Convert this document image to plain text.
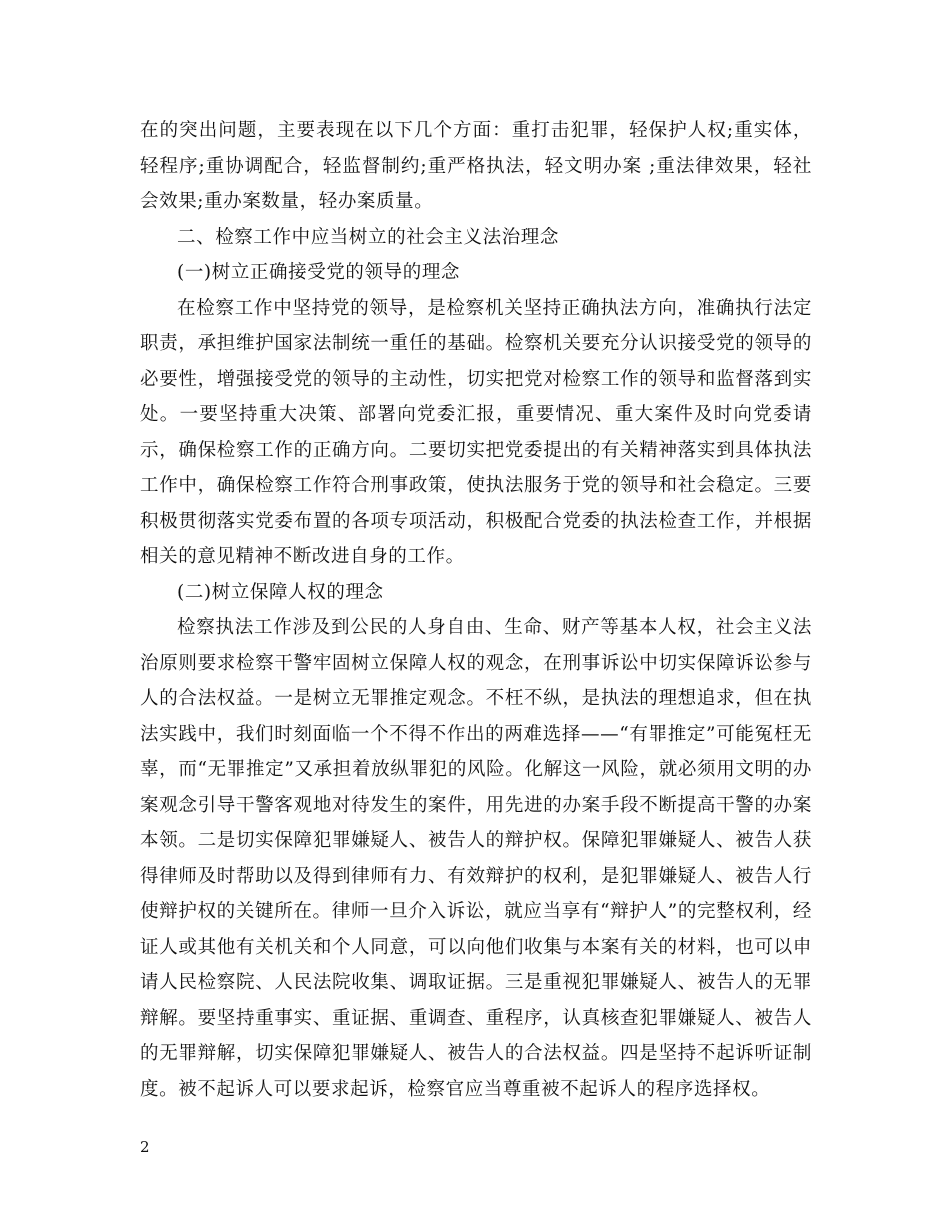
在的突出问题，主要表现在以下几个方面：重打击犯罪，轻保护人权;重实体，轻程序;重协调配合，轻监督制约;重严格执法，轻文明办案 ;重法律效果，轻社会效果;重办案数量，轻办案质量。

二、检察工作中应当树立的社会主义法治理念

(一)树立正确接受党的领导的理念

在检察工作中坚持党的领导，是检察机关坚持正确执法方向，准确执行法定职责，承担维护国家法制统一重任的基础。检察机关要充分认识接受党的领导的必要性，增强接受党的领导的主动性，切实把党对检察工作的领导和监督落到实处。一要坚持重大决策、部署向党委汇报，重要情况、重大案件及时向党委请示，确保检察工作的正确方向。二要切实把党委提出的有关精神落实到具体执法工作中，确保检察工作符合刑事政策，使执法服务于党的领导和社会稳定。三要积极贯彻落实党委布置的各项专项活动，积极配合党委的执法检查工作，并根据相关的意见精神不断改进自身的工作。

(二)树立保障人权的理念

检察执法工作涉及到公民的人身自由、生命、财产等基本人权，社会主义法治原则要求检察干警牢固树立保障人权的观念，在刑事诉讼中切实保障诉讼参与人的合法权益。一是树立无罪推定观念。不枉不纵，是执法的理想追求，但在执法实践中，我们时刻面临一个不得不作出的两难选择——“有罪推定”可能冤枉无辜，而“无罪推定”又承担着放纵罪犯的风险。化解这一风险，就必须用文明的办案观念引导干警客观地对待发生的案件，用先进的办案手段不断提高干警的办案本领。二是切实保障犯罪嫌疑人、被告人的辩护权。保障犯罪嫌疑人、被告人获得律师及时帮助以及得到律师有力、有效辩护的权利，是犯罪嫌疑人、被告人行使辩护权的关键所在。律师一旦介入诉讼，就应当享有“辩护人”的完整权利，经证人或其他有关机关和个人同意，可以向他们收集与本案有关的材料，也可以申请人民检察院、人民法院收集、调取证据。三是重视犯罪嫌疑人、被告人的无罪辩解。要坚持重事实、重证据、重调查、重程序，认真核查犯罪嫌疑人、被告人的无罪辩解，切实保障犯罪嫌疑人、被告人的合法权益。四是坚持不起诉听证制度。被不起诉人可以要求起诉，检察官应当尊重被不起诉人的程序选择权。

2
